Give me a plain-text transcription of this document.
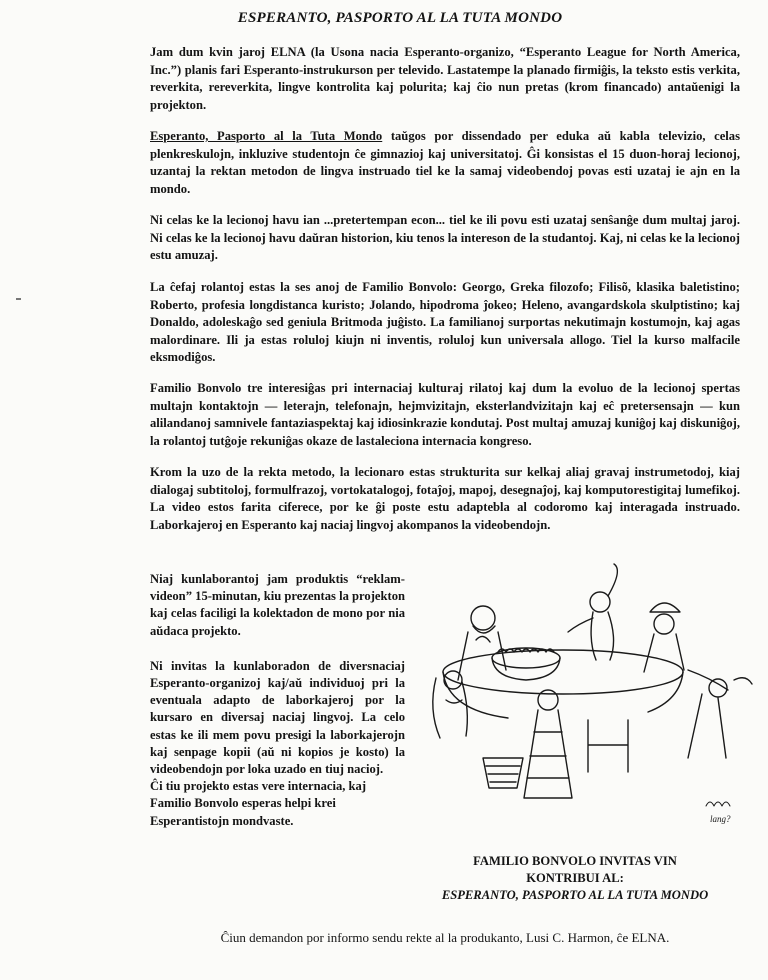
ESPERANTO, PASPORTO AL LA TUTA MONDO

Jam dum kvin jaroj ELNA (la Usona nacia Esperanto-organizo, “Esperanto League for North America, Inc.”) planis fari Esperanto-instrukurson per televido. Lastatempe la planado firmiĝis, la teksto estis verkita, reverkita, rereverkita, lingve kontrolita kaj polurita; kaj ĉio nun pretas (krom financado) antaŭenigi la projekton.

Esperanto, Pasporto al la Tuta Mondo taŭgos por dissendado per eduka aŭ kabla televizio, celas plenkreskulojn, inkluzive studentojn ĉe gimnazioj kaj universitatoj. Ĝi konsistas el 15 duon-horaj lecionoj, uzantaj la rektan metodon de lingva instruado tiel ke la samaj videobendoj povas esti uzataj ie ajn en la mondo.

Ni celas ke la lecionoj havu ian ...pretertempan econ... tiel ke ili povu esti uzataj senŝanĝe dum multaj jaroj. Ni celas ke la lecionoj havu daŭran historion, kiu tenos la intereson de la studantoj. Kaj, ni celas ke la lecionoj estu amuzaj.

La ĉefaj rolantoj estas la ses anoj de Familio Bonvolo: Georgo, Greka filozofo; Filisõ, klasika baletistino; Roberto, profesia longdistanca kuristo; Jolando, hipodroma ĵokeo; Heleno, avangardskola skulptistino; kaj Donaldo, adoleskaĝo sed geniula Britmoda juĝisto. La familianoj surportas nekutimajn kostumojn, kaj agas malordinare. Ili ja estas roluloj kiujn ni inventis, roluloj kun universala allogo. Tiel la kurso malfacile eksmodiĝos.

Familio Bonvolo tre interesiĝas pri internaciaj kulturaj rilatoj kaj dum la evoluo de la lecionoj spertas multajn kontaktojn — leterajn, telefonajn, hejmvizitajn, eksterlandvizitajn kaj eĉ pretersensajn — kun alilandanoj samnivele fantaziaspektaj kaj idiosinkrazie kondutaj. Post multaj amuzaj kuniĝoj kaj diskuniĝoj, la rolantoj tutĝoje rekuniĝas okaze de lastaleciona internacia kongreso.

Krom la uzo de la rekta metodo, la lecionaro estas strukturita sur kelkaj aliaj gravaj instrumetodoj, kiaj dialogaj subtitoloj, formulfrazoj, vortokatalogoj, fotaĵoj, mapoj, desegnaĵoj, kaj komputorestigitaj lumefikoj. La video estos farita ciferece, por ke ĝi poste estu adaptebla al codoromo kaj interagada instruado. Laborkajeroj en Esperanto kaj naciaj lingvoj akompanos la videobendojn.

Niaj kunlaborantoj jam produktis “reklam-videon” 15-minutan, kiu prezentas la projekton kaj celas faciligi la kolektadon de mono por nia aŭdaca projekto.

Ni invitas la kunlaboradon de diversnaciaj Esperanto-organizoj kaj/aŭ individuoj pri la eventuala adapto de laborkajeroj por la kursaro en diversaj naciaj lingvoj. La celo estas ke ili mem povu presigi la laborkajerojn kaj senpage kopii (aŭ ni kopios je kosto) la videobendojn por loka uzado en tiuj nacioj.

Ĉi tiu projekto estas vere internacia, kaj Familio Bonvolo esperas helpi krei Esperantistojn mondvaste.	lang?
FAMILIO BONVOLO INVITAS VIN
KONTRIBUI AL:
ESPERANTO, PASPORTO AL LA TUTA MONDO
Ĉiun demandon por informo sendu rekte al la produkanto, Lusi C. Harmon, ĉe ELNA.
